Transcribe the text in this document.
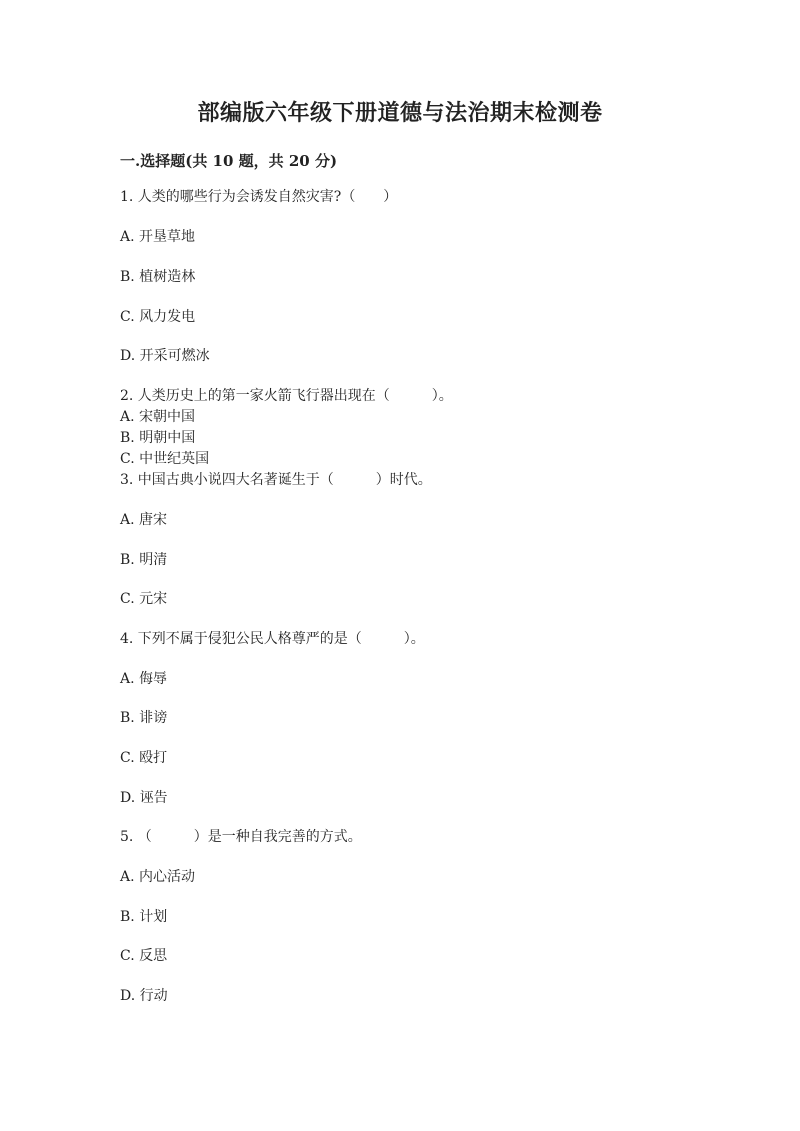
部编版六年级下册道德与法治期末检测卷
一.选择题(共 10 题，共 20 分)
1. 人类的哪些行为会诱发自然灾害?（　　）
A. 开垦草地
B. 植树造林
C. 风力发电
D. 开采可燃冰
2. 人类历史上的第一家火箭飞行器出现在（　　　）。
A. 宋朝中国
B. 明朝中国
C. 中世纪英国
3. 中国古典小说四大名著诞生于（　　　）时代。
A. 唐宋
B. 明清
C. 元宋
4. 下列不属于侵犯公民人格尊严的是（　　　）。
A. 侮辱
B. 诽谤
C. 殴打
D. 诬告
5. （　　　）是一种自我完善的方式。
A. 内心活动
B. 计划
C. 反思
D. 行动
